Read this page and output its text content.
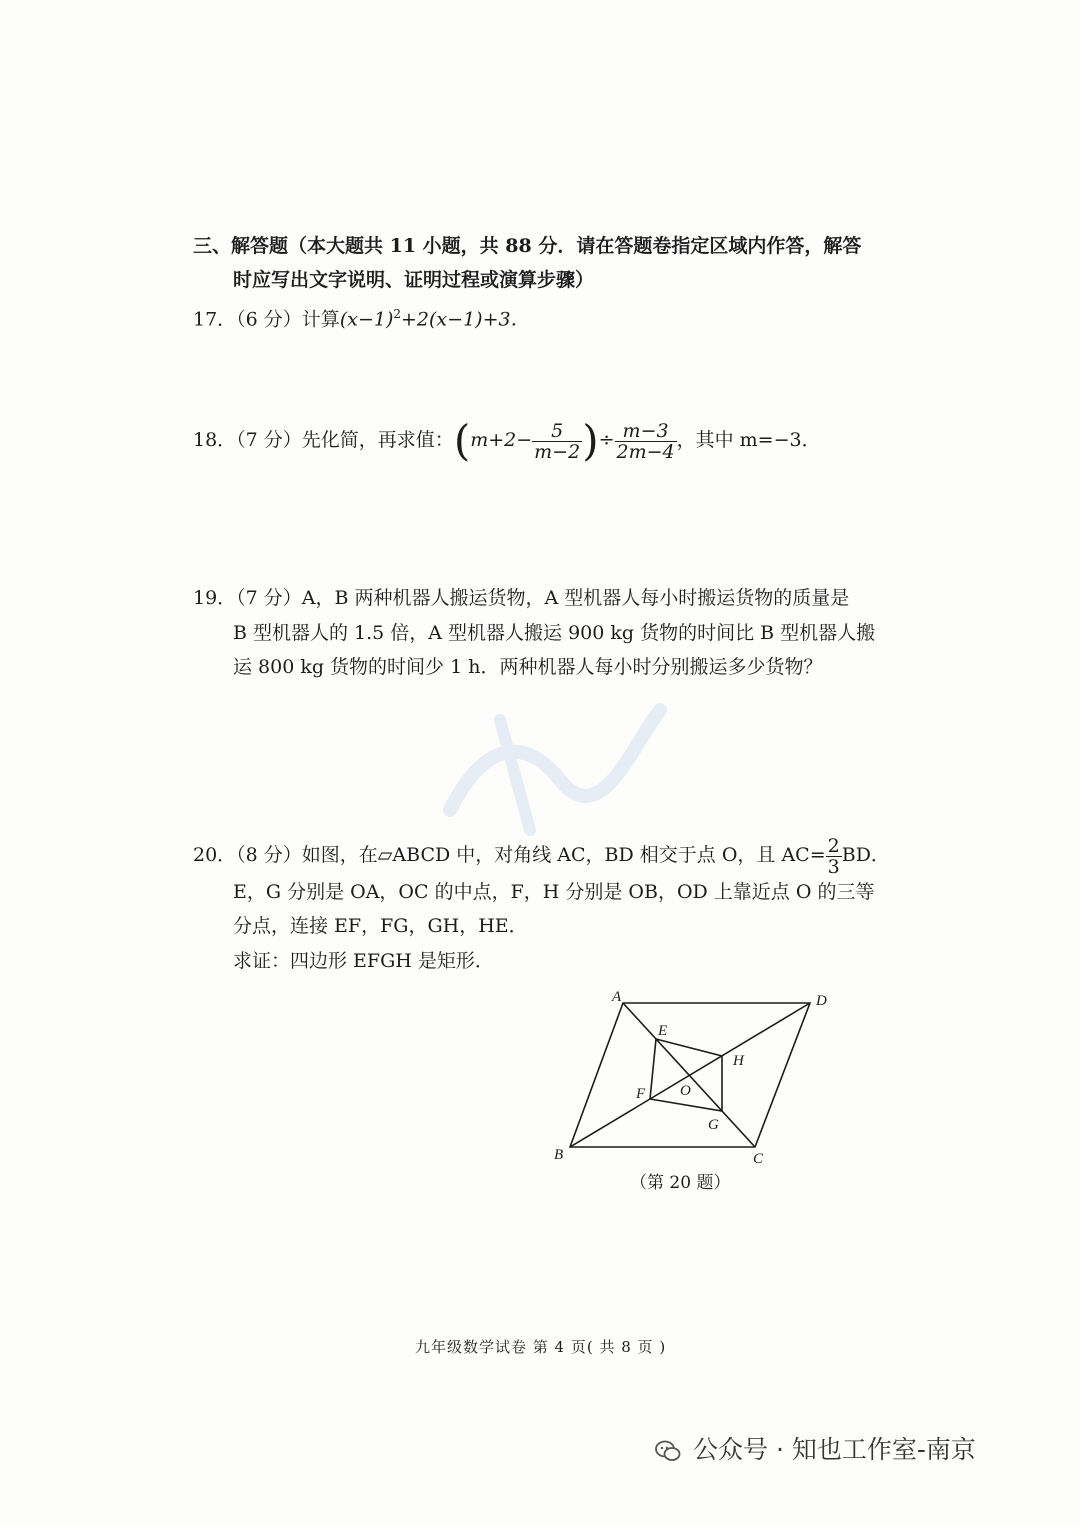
三、解答题（本大题共 11 小题，共 88 分．请在答题卷指定区域内作答，解答
时应写出文字说明、证明过程或演算步骤）
17．（6 分）计算$(x-1)^2+2(x-1)+3$．
18．（7 分）先化简，再求值：($m+2- \frac{5}{m-2}$ )÷ $\frac{m-3}{2m-4}$ ，其中 m=−3．
19．（7 分）A，B 两种机器人搬运货物，A 型机器人每小时搬运货物的质量是
B 型机器人的 1.5 倍，A 型机器人搬运 900 kg 货物的时间比 B 型机器人搬
运 800 kg 货物的时间少 1 h．两种机器人每小时分别搬运多少货物？
20．（8 分）如图，在▱ABCD 中，对角线 AC，BD 相交于点 O，且 $AC= \frac{2}{3}$ BD．
E，G 分别是 OA，OC 的中点，F，H 分别是 OB，OD 上靠近点 O 的三等
分点，连接 EF，FG，GH，HE．
求证：四边形 EFGH 是矩形．
A	D
B	C
E
H
F O
G
（第 20 题）
九年级数学试卷 第 4 页( 共 8 页 )
公众号 · 知也工作室-南京
